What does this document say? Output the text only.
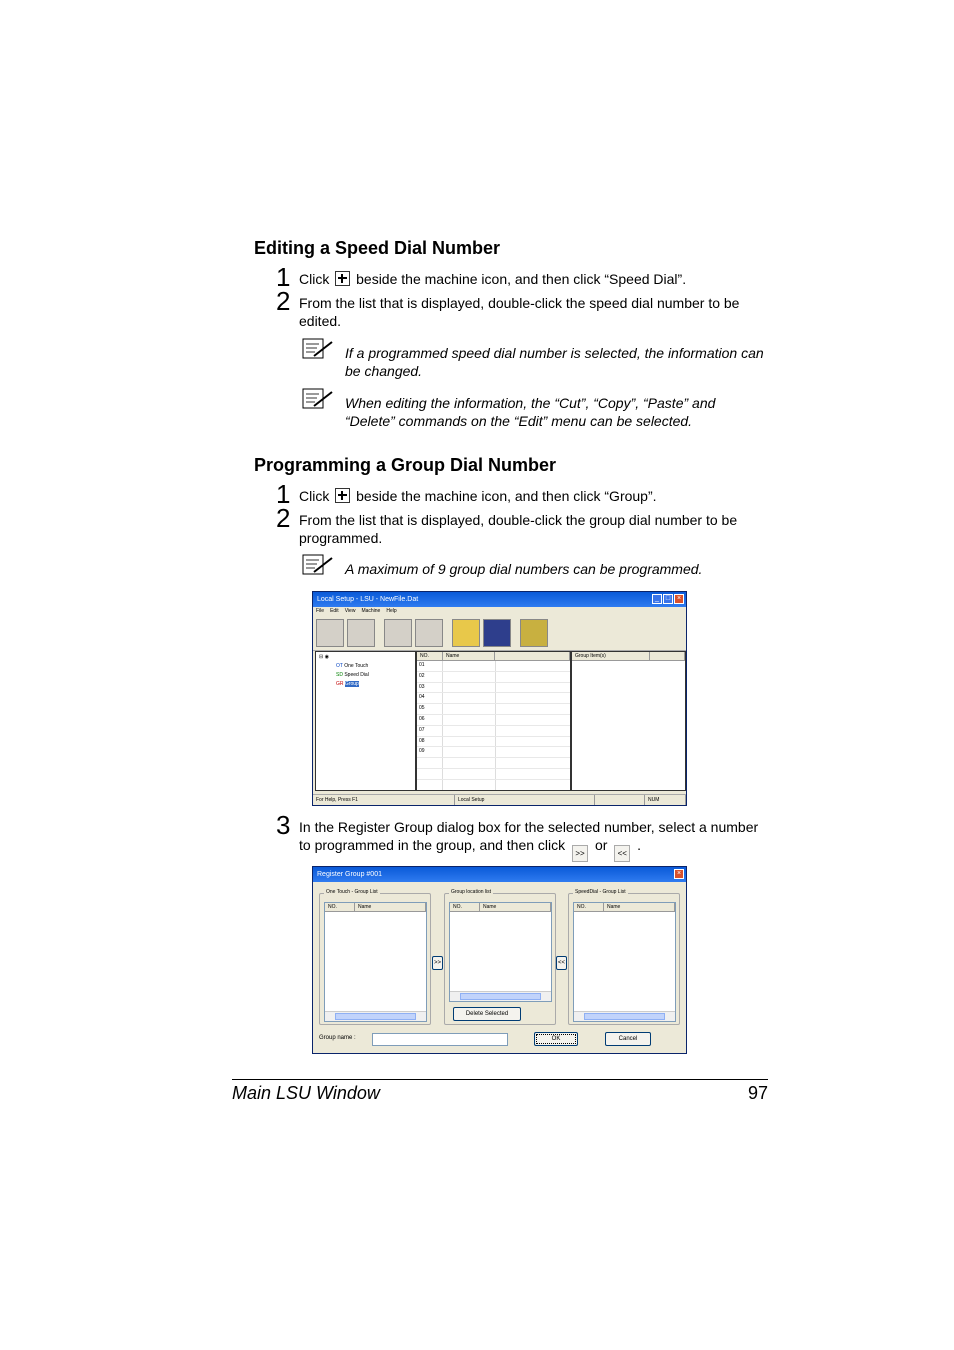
Editing a Speed Dial Number
1 Click beside the machine icon, and then click “Speed Dial”.
2 From the list that is displayed, double-click the speed dial number to be edited.
If a programmed speed dial number is selected, the information can be changed.
When editing the information, the “Cut”, “Copy”, “Paste” and “Delete” commands on the “Edit” menu can be selected.
Programming a Group Dial Number
1 Click beside the machine icon, and then click “Group”.
2 From the list that is displayed, double-click the group dial number to be programmed.
A maximum of 9 group dial numbers can be programmed.
Local Setup - LSU - NewFile.Dat	_ □ ×
File Edit View Machine Help
⊟ ◉
OT One Touch
SD Speed Dial
GR Group
NO.	Name
01
02
03
04
05
06
07
08
09
Group Item(s)
For Help, Press F1	Local Setup	NUM
3 In the Register Group dialog box for the selected number, select a number
to programmed in the group, and then click >> or << .
Register Group #001	×
One Touch - Group List
NO.	Name
>>
Group location list
NO.	Name
Delete Selected
<<
SpeedDial - Group List
NO.	Name
Group name :	OK	Cancel
Main LSU Window	97
